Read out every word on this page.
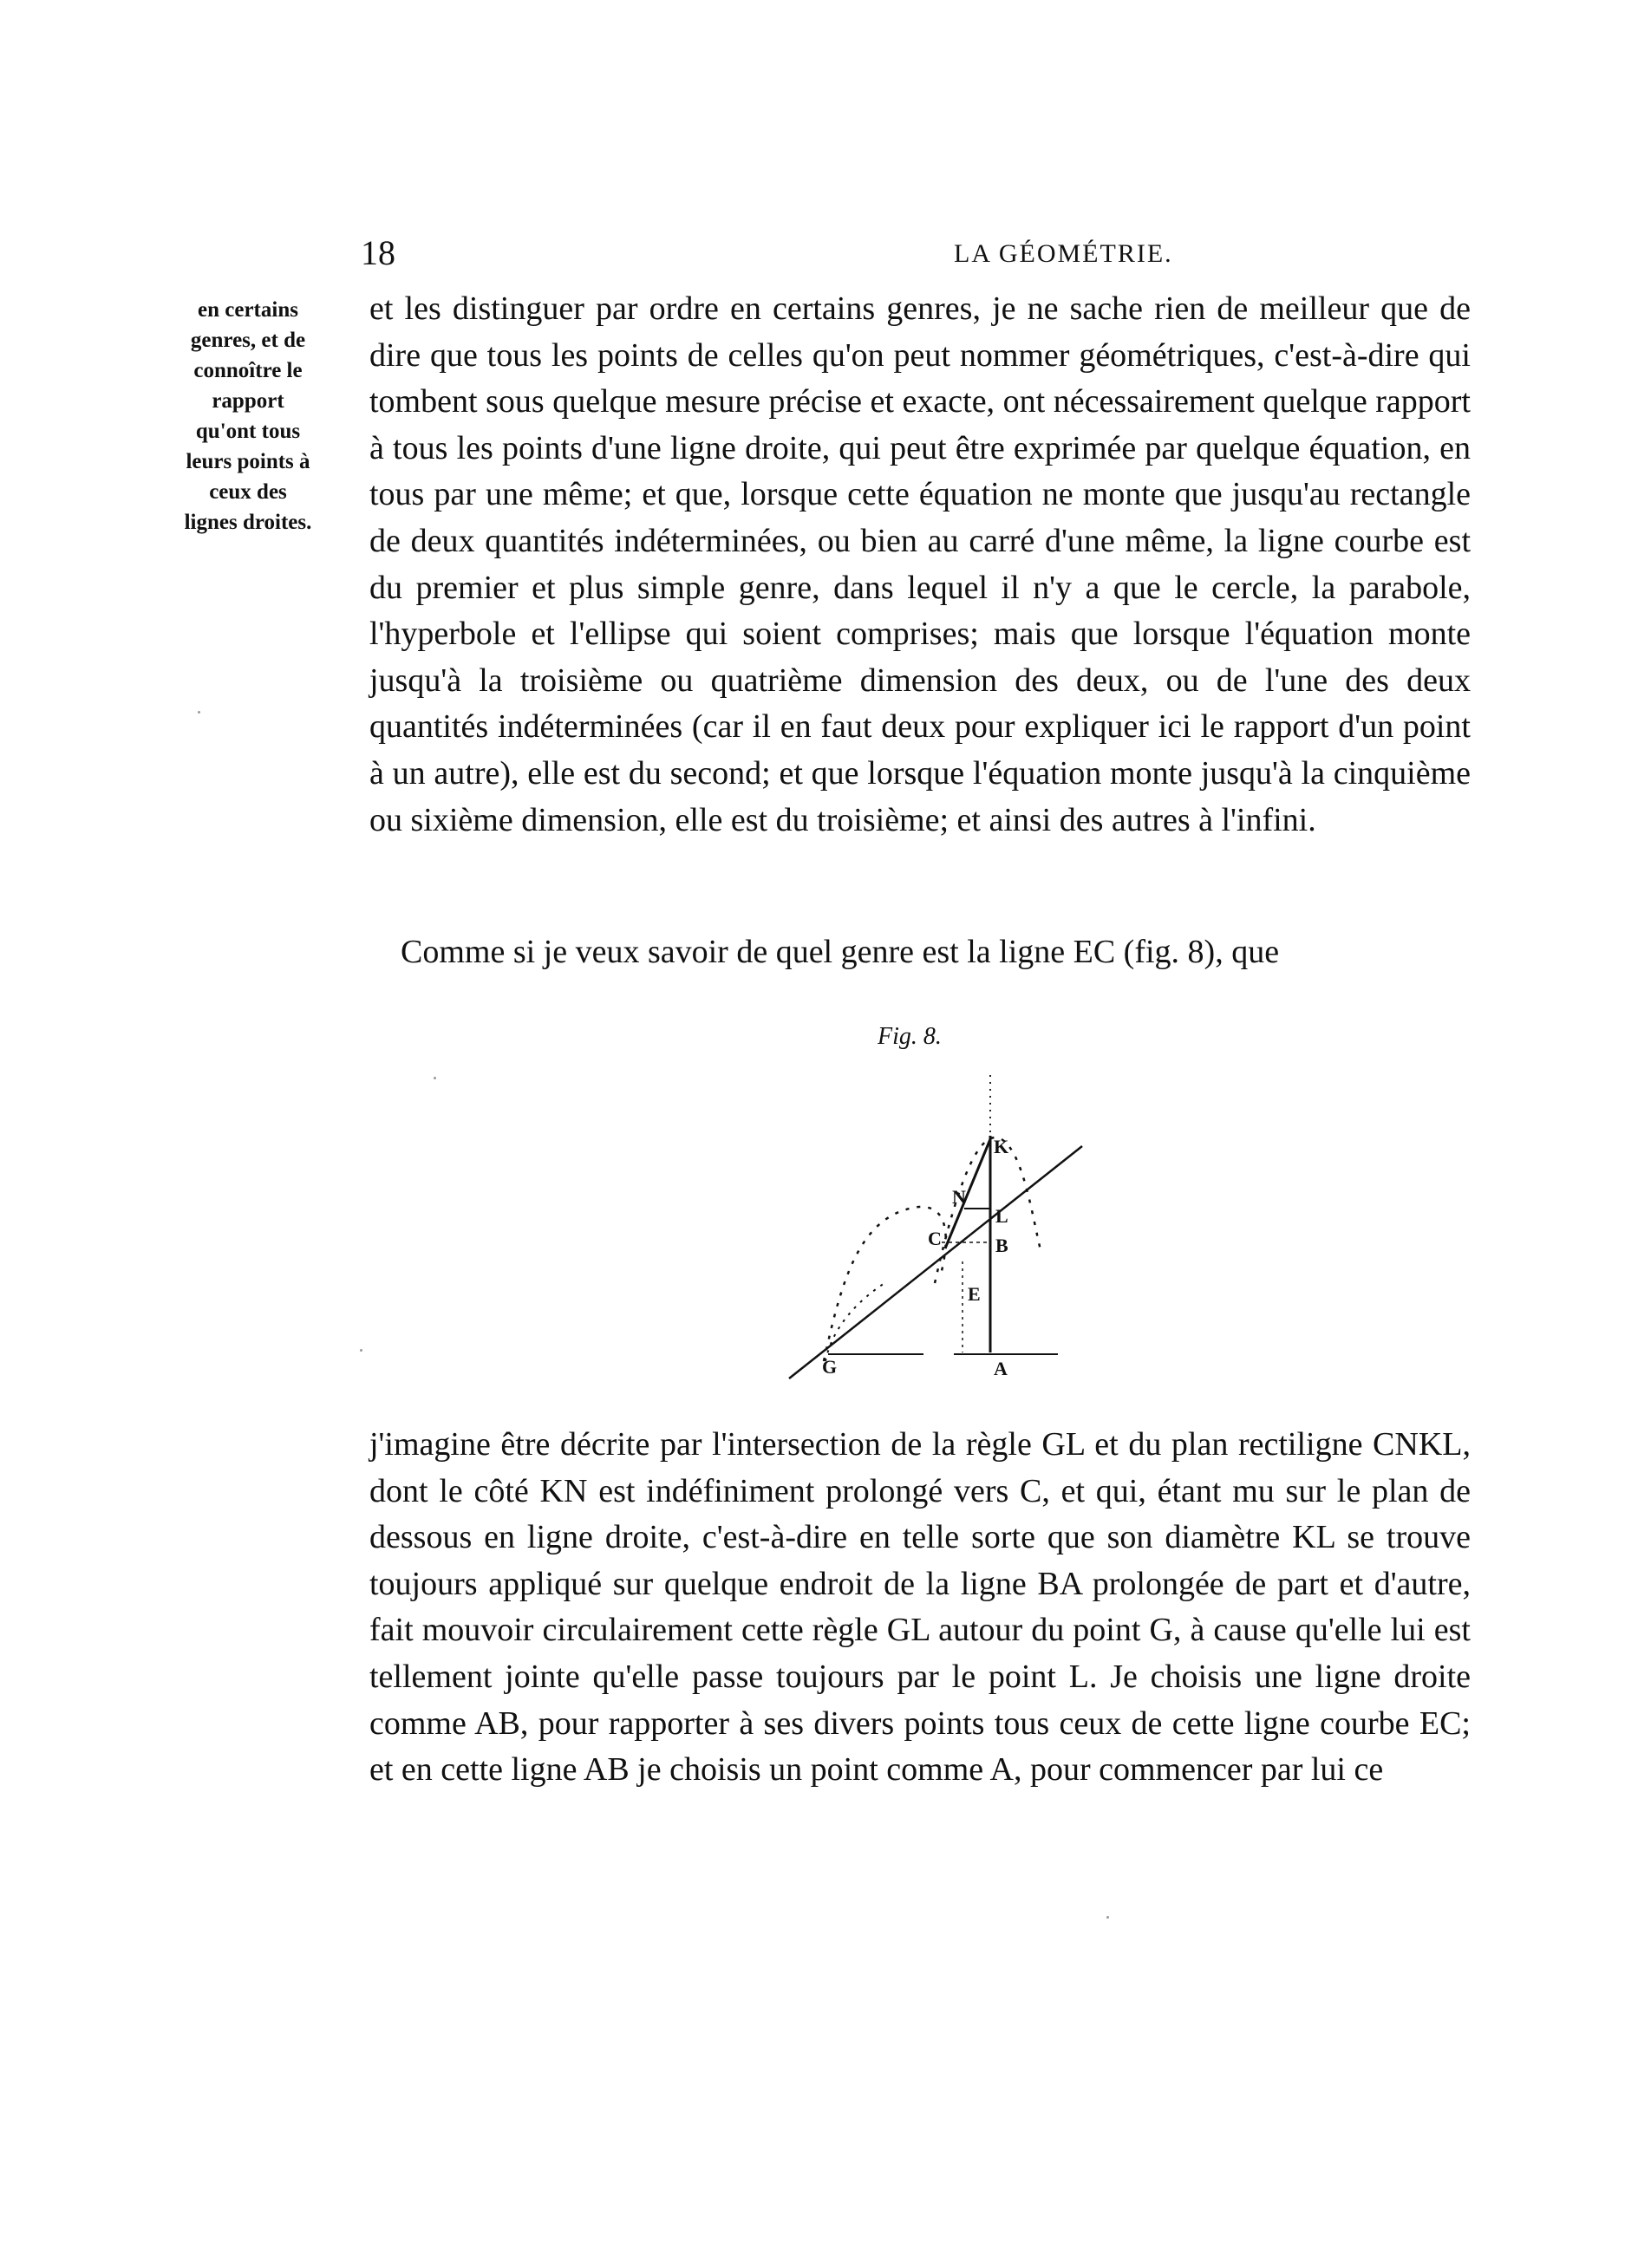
18	LA GÉOMÉTRIE.
en certains
genres, et de
connoître le
rapport
qu'ont tous
leurs points à
ceux des
lignes droites.

et les distinguer par ordre en certains genres, je ne sache rien de meilleur que de dire que tous les points de celles qu'on peut nommer géométriques, c'est-à-dire qui tombent sous quelque mesure précise et exacte, ont nécessairement quelque rapport à tous les points d'une ligne droite, qui peut être exprimée par quelque équation, en tous par une même; et que, lorsque cette équation ne monte que jusqu'au rectangle de deux quantités indéterminées, ou bien au carré d'une même, la ligne courbe est du premier et plus simple genre, dans lequel il n'y a que le cercle, la parabole, l'hyperbole et l'ellipse qui soient comprises; mais que lorsque l'équation monte jusqu'à la troisième ou quatrième dimension des deux, ou de l'une des deux quantités indéterminées (car il en faut deux pour expliquer ici le rapport d'un point à un autre), elle est du second; et que lorsque l'équation monte jusqu'à la cinquième ou sixième dimension, elle est du troisième; et ainsi des autres à l'infini.

Comme si je veux savoir de quel genre est la ligne EC (fig. 8), que

Fig. 8.
K
N
L
C	B
E
G	A

j'imagine être décrite par l'intersection de la règle GL et du plan rectiligne CNKL, dont le côté KN est indéfiniment prolongé vers C, et qui, étant mu sur le plan de dessous en ligne droite, c'est-à-dire en telle sorte que son diamètre KL se trouve toujours appliqué sur quelque endroit de la ligne BA prolongée de part et d'autre, fait mouvoir circulairement cette règle GL autour du point G, à cause qu'elle lui est tellement jointe qu'elle passe toujours par le point L. Je choisis une ligne droite comme AB, pour rapporter à ses divers points tous ceux de cette ligne courbe EC; et en cette ligne AB je choisis un point comme A, pour commencer par lui ce
